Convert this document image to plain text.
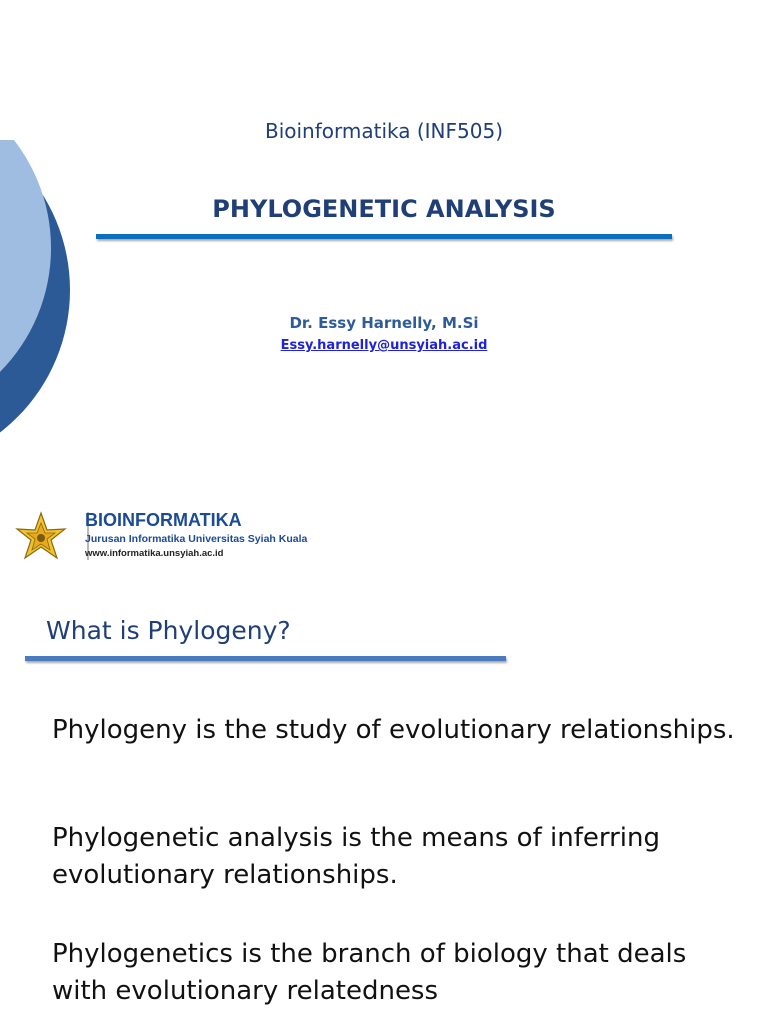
Bioinformatika (INF505)
PHYLOGENETIC ANALYSIS
Dr. Essy Harnelly, M.Si
Essy.harnelly@unsyiah.ac.id
BIOINFORMATIKA
Jurusan Informatika Universitas Syiah Kuala
www.informatika.unsyiah.ac.id
What is Phylogeny?
Phylogeny is the study of evolutionary relationships.
Phylogenetic analysis is the means of inferring evolutionary relationships.
Phylogenetics is the branch of biology that deals with evolutionary relatedness
